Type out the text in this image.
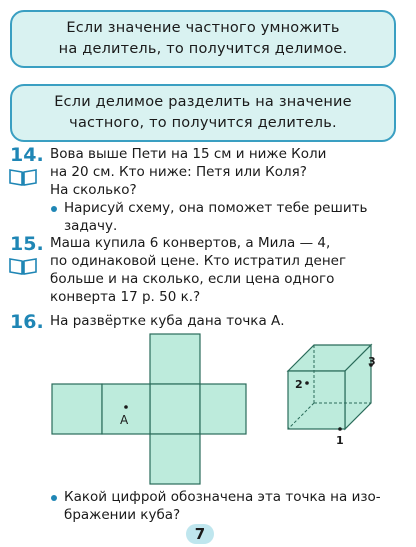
Если значение частного умножить
на делитель, то получится делимое.
Если делимое разделить на значение
частного, то получится делитель.
14. Вова выше Пети на 15 см и ниже Коли
на 20 см. Кто ниже: Петя или Коля?
На сколько?
Нарисуй схему, она поможет тебе решить
задачу.
15. Маша купила 6 конвертов, а Мила — 4,
по одинаковой цене. Кто истратил денег
больше и на сколько, если цена одного
конверта 17 р. 50 к.?
16. На развёртке куба дана точка А.
А
1
2
3
Какой цифрой обозначена эта точка на изо-
бражении куба?
7
